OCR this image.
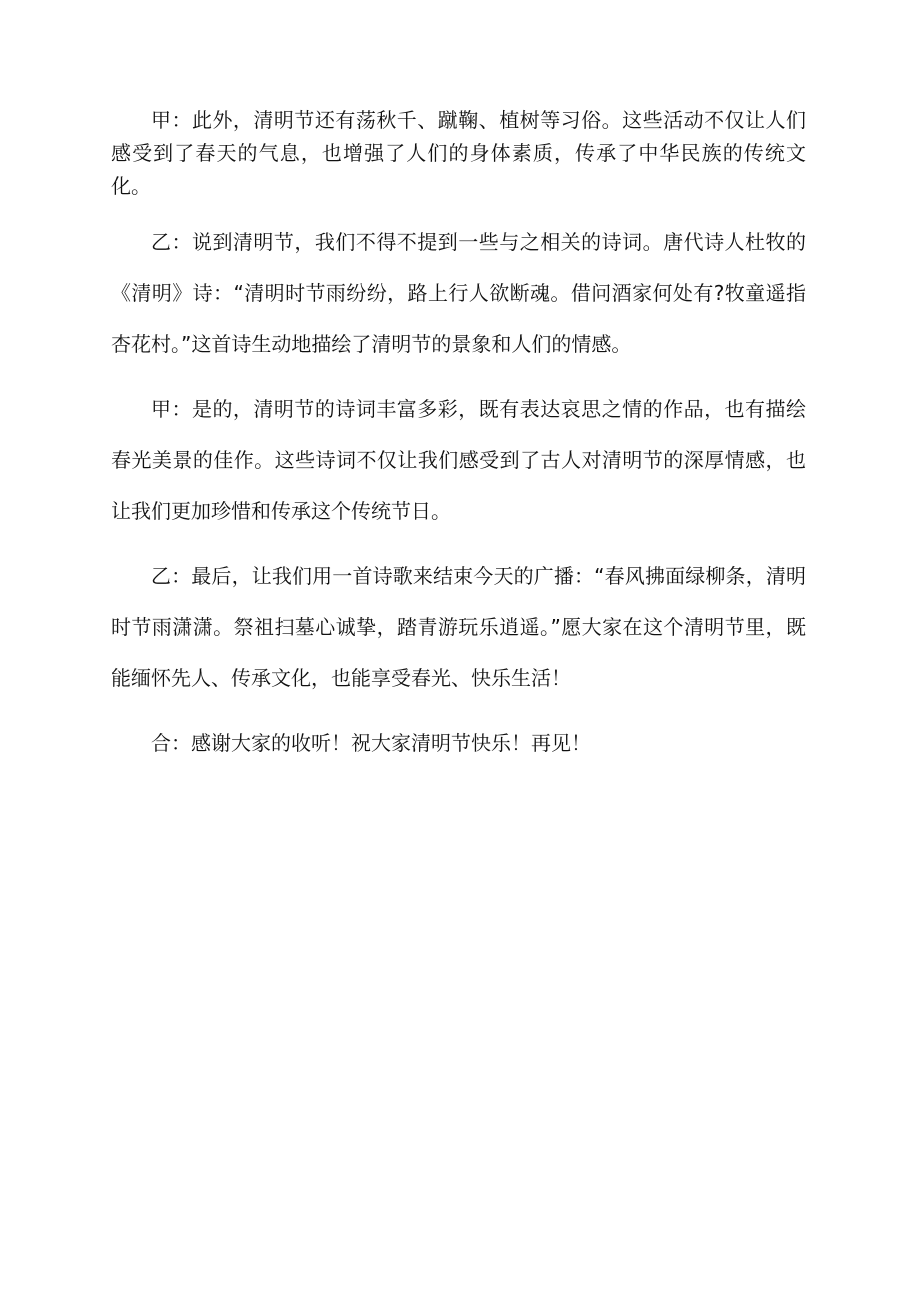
甲：此外，清明节还有荡秋千、蹴鞠、植树等习俗。这些活动不仅让人们感受到了春天的气息，也增强了人们的身体素质，传承了中华民族的传统文化。

乙：说到清明节，我们不得不提到一些与之相关的诗词。唐代诗人杜牧的《清明》诗：“清明时节雨纷纷，路上行人欲断魂。借问酒家何处有?牧童遥指杏花村。”这首诗生动地描绘了清明节的景象和人们的情感。

甲：是的，清明节的诗词丰富多彩，既有表达哀思之情的作品，也有描绘春光美景的佳作。这些诗词不仅让我们感受到了古人对清明节的深厚情感，也让我们更加珍惜和传承这个传统节日。

乙：最后，让我们用一首诗歌来结束今天的广播：“春风拂面绿柳条，清明时节雨潇潇。祭祖扫墓心诚挚，踏青游玩乐逍遥。”愿大家在这个清明节里，既能缅怀先人、传承文化，也能享受春光、快乐生活！

合：感谢大家的收听！祝大家清明节快乐！再见！
